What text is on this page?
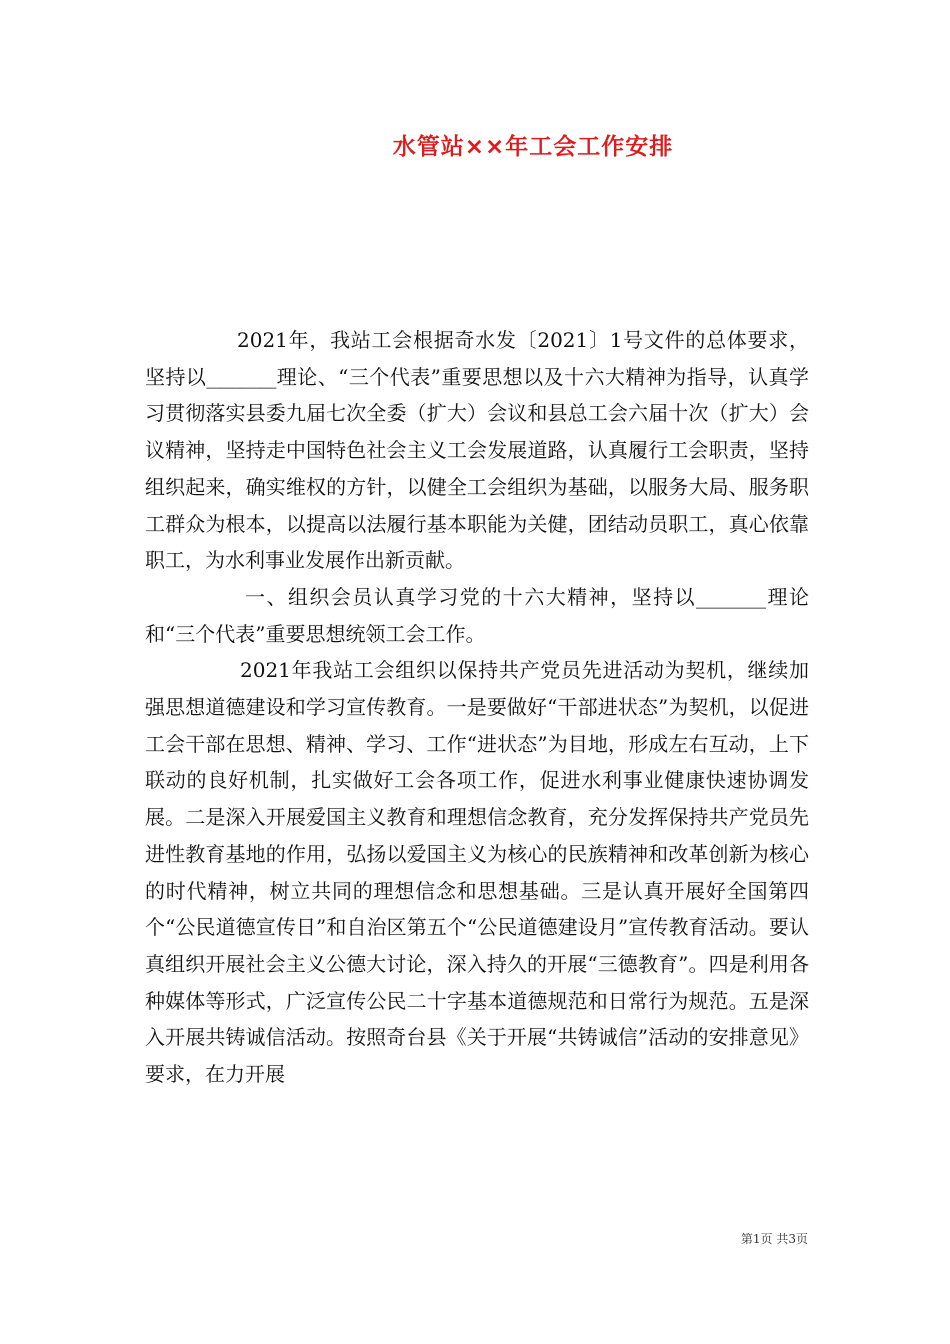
水管站××年工会工作安排

2021年，我站工会根据奇水发〔2021〕1号文件的总体要求，坚持以_______理论、“三个代表”重要思想以及十六大精神为指导，认真学习贯彻落实县委九届七次全委（扩大）会议和县总工会六届十次（扩大）会议精神，坚持走中国特色社会主义工会发展道路，认真履行工会职责，坚持组织起来，确实维权的方针，以健全工会组织为基础，以服务大局、服务职工群众为根本，以提高以法履行基本职能为关健，团结动员职工，真心依靠职工，为水利事业发展作出新贡献。

一、组织会员认真学习党的十六大精神，坚持以_______理论和“三个代表”重要思想统领工会工作。

2021年我站工会组织以保持共产党员先进活动为契机，继续加强思想道德建设和学习宣传教育。一是要做好“干部进状态”为契机，以促进工会干部在思想、精神、学习、工作“进状态”为目地，形成左右互动，上下联动的良好机制，扎实做好工会各项工作，促进水利事业健康快速协调发展。二是深入开展爱国主义教育和理想信念教育，充分发挥保持共产党员先进性教育基地的作用，弘扬以爱国主义为核心的民族精神和改革创新为核心的时代精神，树立共同的理想信念和思想基础。三是认真开展好全国第四个“公民道德宣传日”和自治区第五个“公民道德建设月”宣传教育活动。要认真组织开展社会主义公德大讨论，深入持久的开展“三德教育”。四是利用各种媒体等形式，广泛宣传公民二十字基本道德规范和日常行为规范。五是深入开展共铸诚信活动。按照奇台县《关于开展“共铸诚信”活动的安排意见》要求，在力开展

第1页 共3页
